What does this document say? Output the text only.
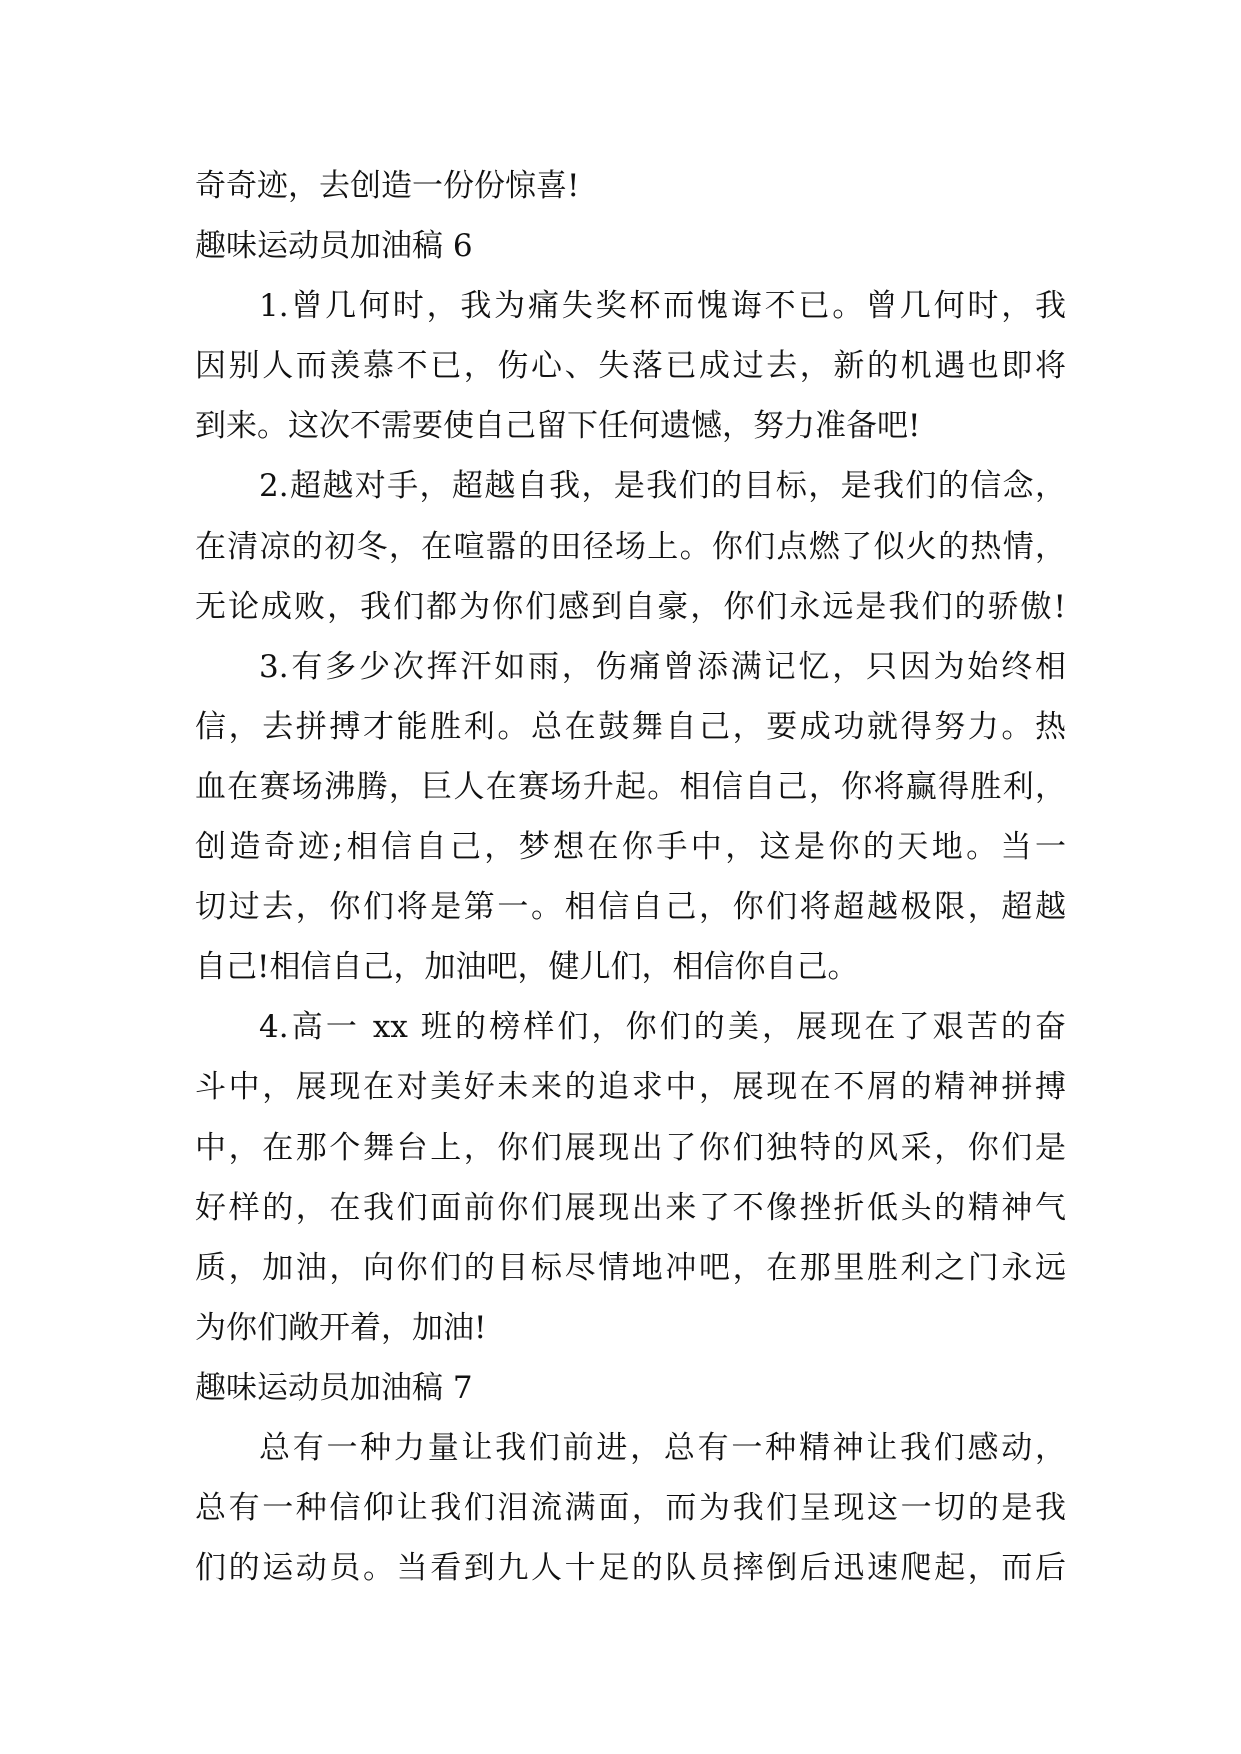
奇奇迹，去创造一份份惊喜!
趣味运动员加油稿 6
1.曾几何时，我为痛失奖杯而愧诲不已。曾几何时，我
因别人而羡慕不已，伤心、失落已成过去，新的机遇也即将
到来。这次不需要使自己留下任何遗憾，努力准备吧!
2.超越对手，超越自我，是我们的目标，是我们的信念，
在清凉的初冬，在喧嚣的田径场上。你们点燃了似火的热情，
无论成败，我们都为你们感到自豪，你们永远是我们的骄傲!
3.有多少次挥汗如雨，伤痛曾添满记忆，只因为始终相
信，去拼搏才能胜利。总在鼓舞自己，要成功就得努力。热
血在赛场沸腾，巨人在赛场升起。相信自己，你将赢得胜利，
创造奇迹;相信自己，梦想在你手中，这是你的天地。当一
切过去，你们将是第一。相信自己，你们将超越极限，超越
自己!相信自己，加油吧，健儿们，相信你自己。
4.高一 xx 班的榜样们，你们的美，展现在了艰苦的奋
斗中，展现在对美好未来的追求中，展现在不屑的精神拼搏
中，在那个舞台上，你们展现出了你们独特的风采，你们是
好样的，在我们面前你们展现出来了不像挫折低头的精神气
质，加油，向你们的目标尽情地冲吧，在那里胜利之门永远
为你们敞开着，加油!
趣味运动员加油稿 7
总有一种力量让我们前进，总有一种精神让我们感动，
总有一种信仰让我们泪流满面，而为我们呈现这一切的是我
们的运动员。当看到九人十足的队员摔倒后迅速爬起，而后
